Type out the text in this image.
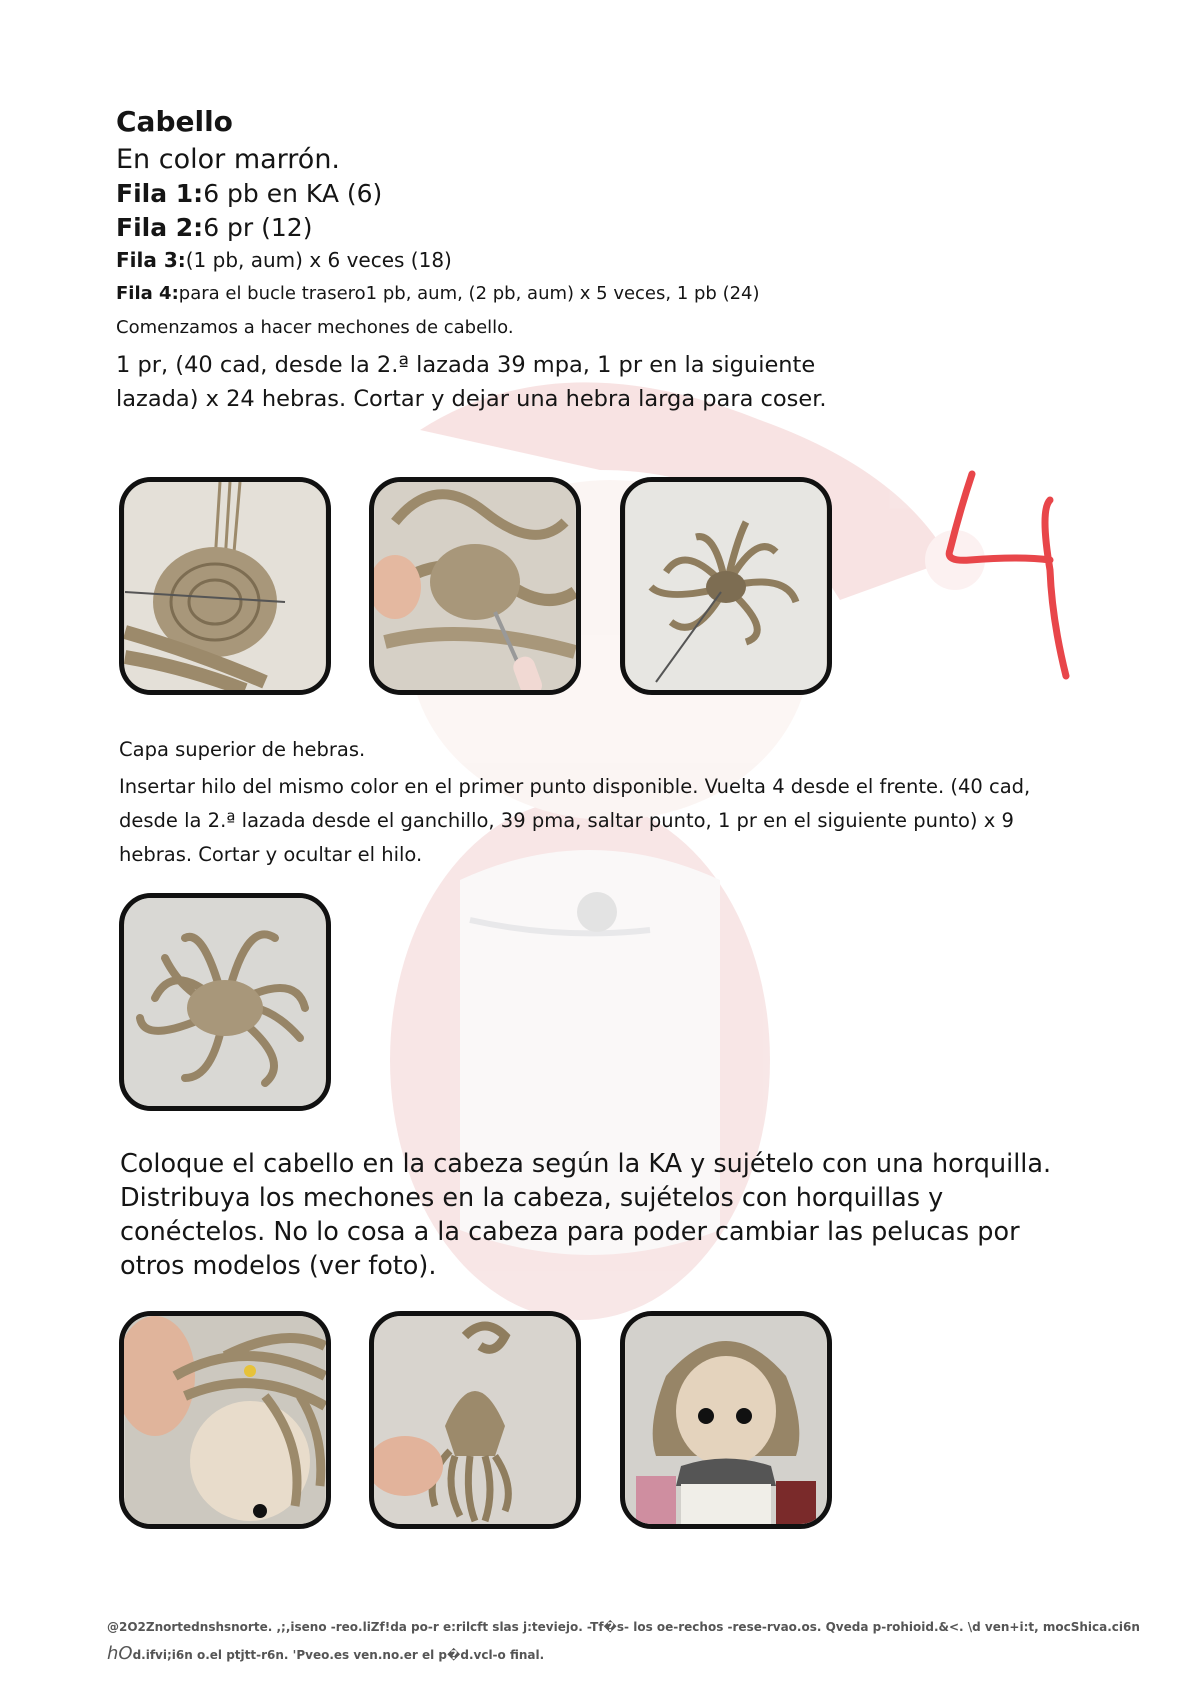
Cabello

En color marrón.

Fila 1:6 pb en KA (6)

Fila 2:6 pr (12)

Fila 3:(1 pb, aum) x 6 veces (18)

Fila 4:para el bucle trasero1 pb, aum, (2 pb, aum) x 5 veces, 1 pb (24)

Comenzamos a hacer mechones de cabello.

1 pr, (40 cad, desde la 2.ª lazada 39 mpa, 1 pr en la siguiente lazada) x 24 hebras. Cortar y dejar una hebra larga para coser.

Capa superior de hebras.

Insertar hilo del mismo color en el primer punto disponible. Vuelta 4 desde el frente. (40 cad, desde la 2.ª lazada desde el ganchillo, 39 pma, saltar punto, 1 pr en el siguiente punto) x 9 hebras. Cortar y ocultar el hilo.

Coloque el cabello en la cabeza según la KA y sujételo con una horquilla. Distribuya los mechones en la cabeza, sujételos con horquillas y conéctelos. No lo cosa a la cabeza para poder cambiar las pelucas por otros modelos (ver foto).

@2O2Znortednshsnorte. ,;,iseno -reo.liZf!da po-r e:rilcft slas j:teviejo. -Tf�s- los oe-rechos -rese-rvao.os. Qveda p-rohioid.&<. \d ven+i:t, mocShica.ci6n
hOd.ifvi;i6n o.el ptjtt-r6n. 'Pveo.es ven.no.er el p�d.vcl-o final.
